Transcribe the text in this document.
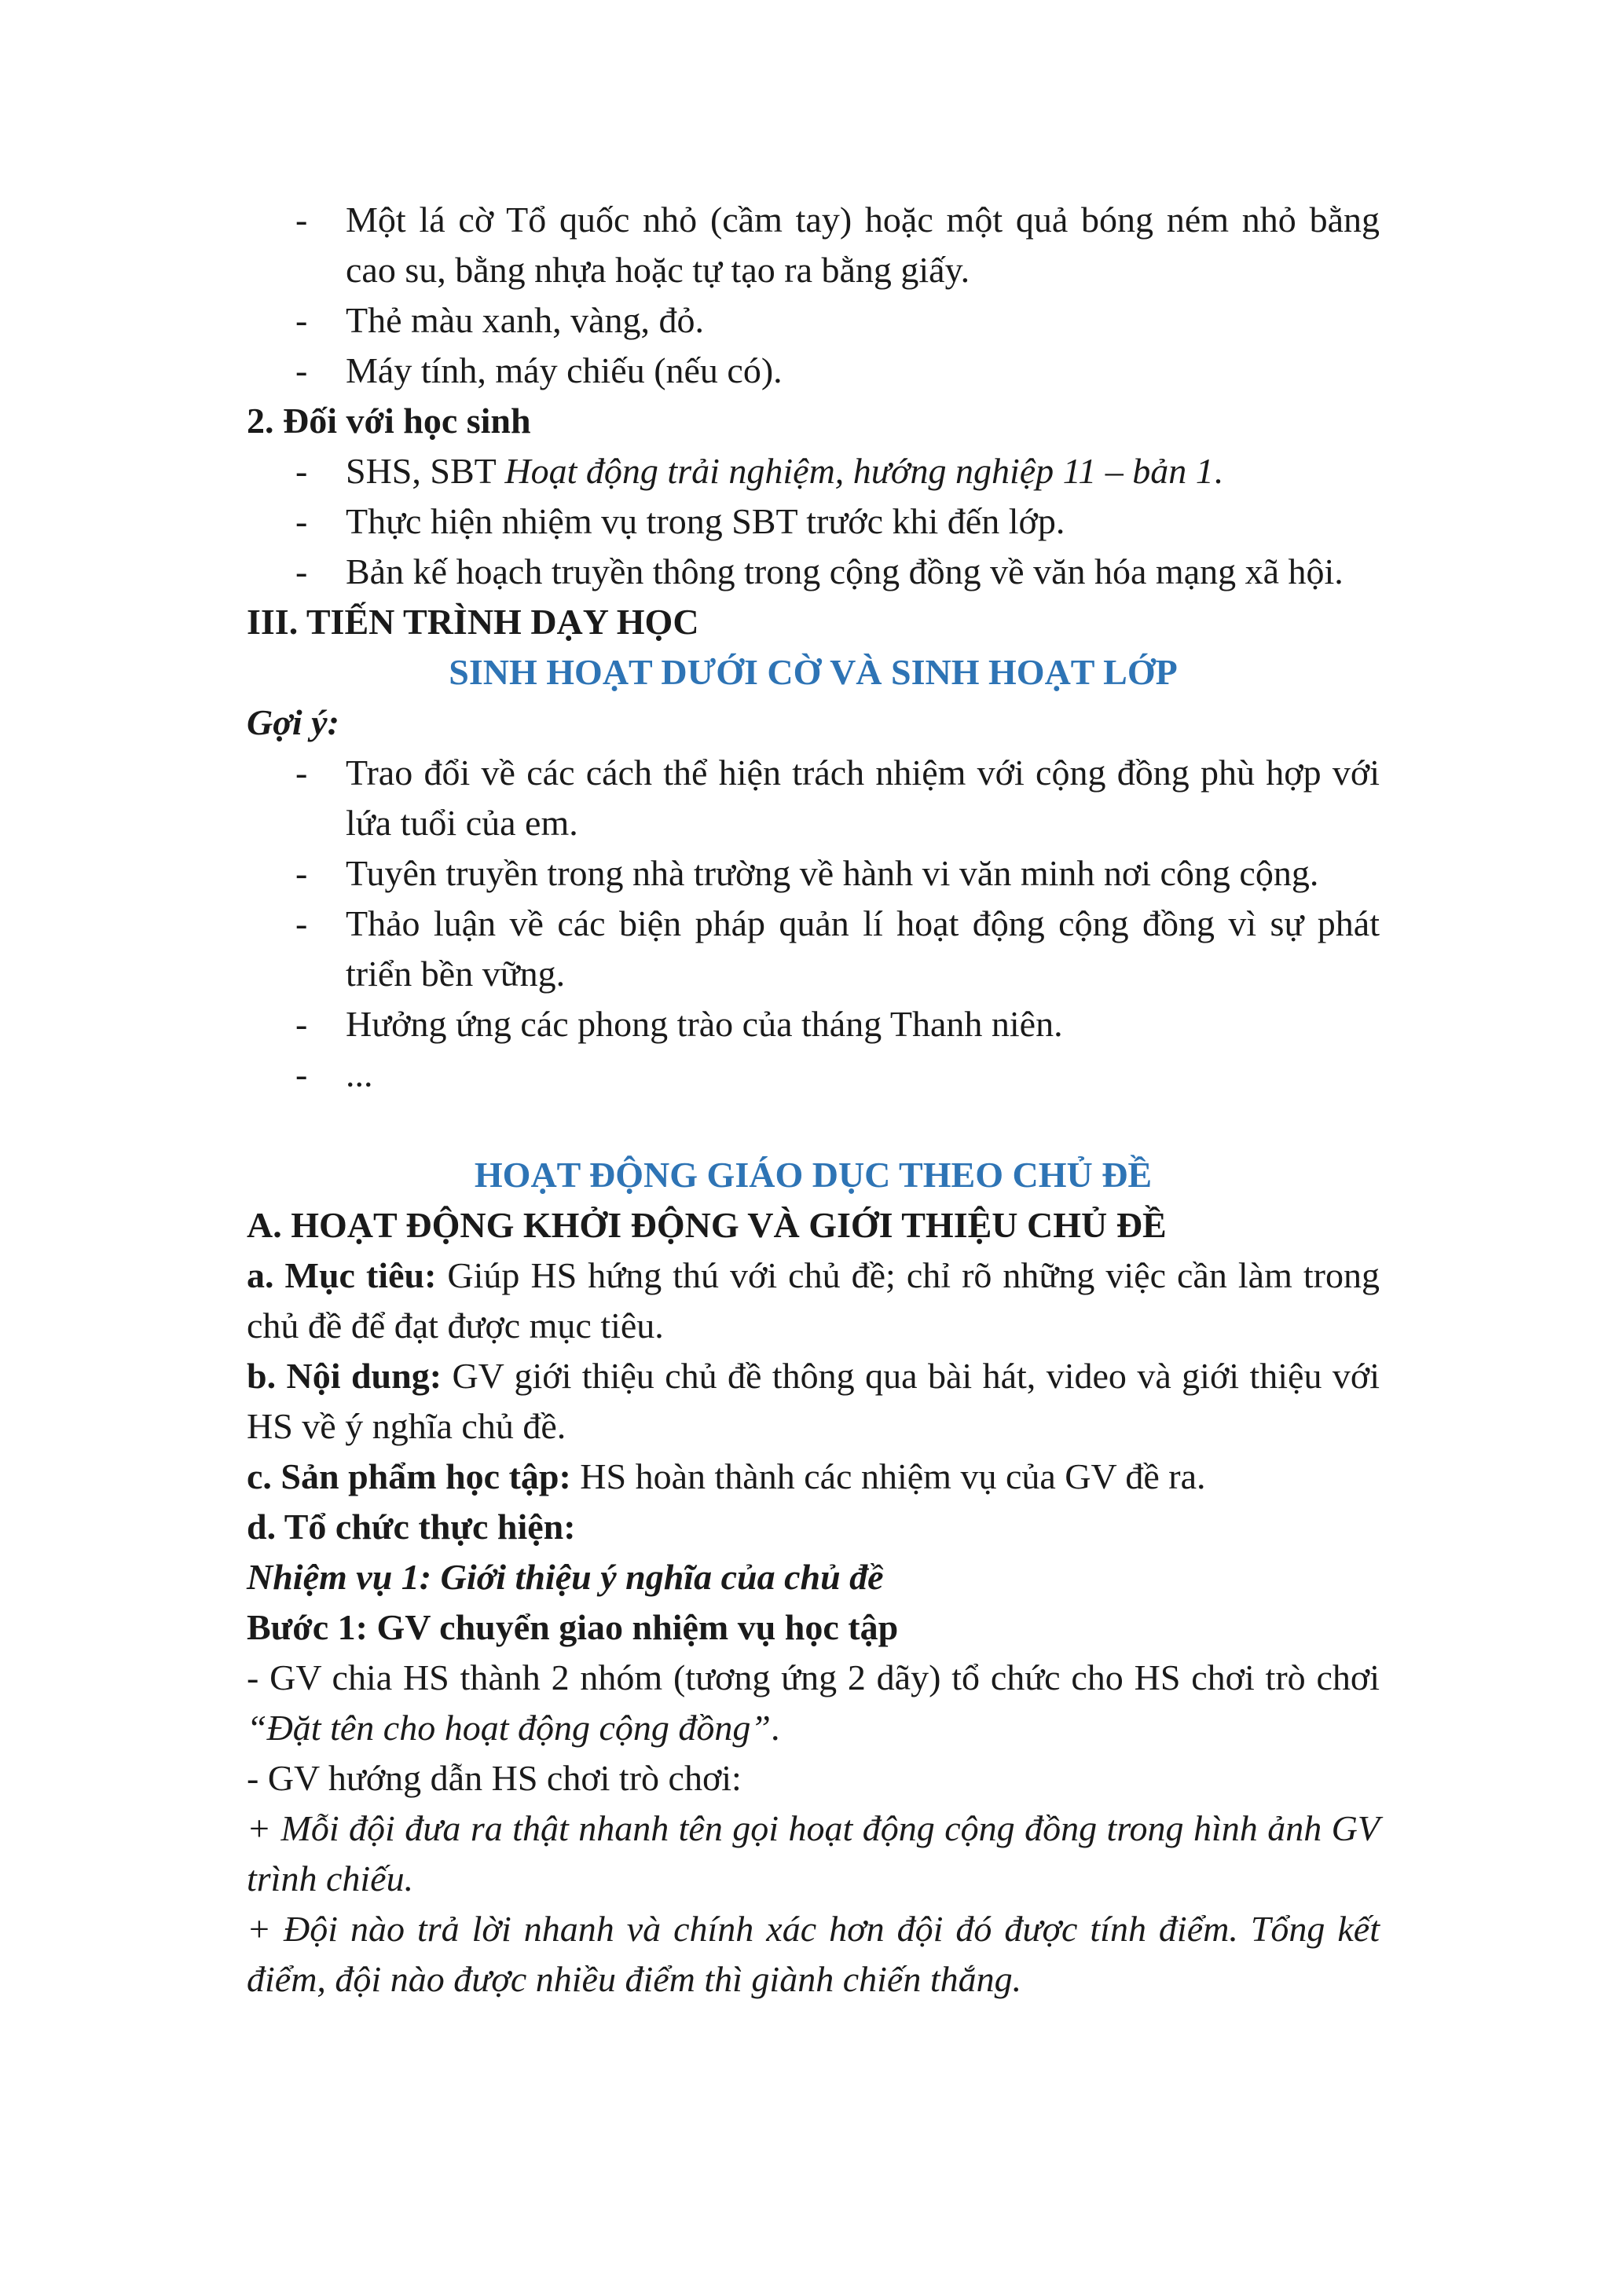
- Một lá cờ Tổ quốc nhỏ (cầm tay) hoặc một quả bóng ném nhỏ bằng cao su, bằng nhựa hoặc tự tạo ra bằng giấy.
- Thẻ màu xanh, vàng, đỏ.
- Máy tính, máy chiếu (nếu có).
2. Đối với học sinh
- SHS, SBT Hoạt động trải nghiệm, hướng nghiệp 11 – bản 1.
- Thực hiện nhiệm vụ trong SBT trước khi đến lớp.
- Bản kế hoạch truyền thông trong cộng đồng về văn hóa mạng xã hội.
III. TIẾN TRÌNH DẠY HỌC
SINH HOẠT DƯỚI CỜ VÀ SINH HOẠT LỚP
Gợi ý:
- Trao đổi về các cách thể hiện trách nhiệm với cộng đồng phù hợp với lứa tuổi của em.
- Tuyên truyền trong nhà trường về hành vi văn minh nơi công cộng.
- Thảo luận về các biện pháp quản lí hoạt động cộng đồng vì sự phát triển bền vững.
- Hưởng ứng các phong trào của tháng Thanh niên.
- ...
HOẠT ĐỘNG GIÁO DỤC THEO CHỦ ĐỀ
A. HOẠT ĐỘNG KHỞI ĐỘNG VÀ GIỚI THIỆU CHỦ ĐỀ
a. Mục tiêu: Giúp HS hứng thú với chủ đề; chỉ rõ những việc cần làm trong chủ đề để đạt được mục tiêu.
b. Nội dung: GV giới thiệu chủ đề thông qua bài hát, video và giới thiệu với HS về ý nghĩa chủ đề.
c. Sản phẩm học tập: HS hoàn thành các nhiệm vụ của GV đề ra.
d. Tổ chức thực hiện:
Nhiệm vụ 1: Giới thiệu ý nghĩa của chủ đề
Bước 1: GV chuyển giao nhiệm vụ học tập
- GV chia HS thành 2 nhóm (tương ứng 2 dãy) tổ chức cho HS chơi trò chơi “Đặt tên cho hoạt động cộng đồng”.
- GV hướng dẫn HS chơi trò chơi:
+ Mỗi đội đưa ra thật nhanh tên gọi hoạt động cộng đồng trong hình ảnh GV trình chiếu.
+ Đội nào trả lời nhanh và chính xác hơn đội đó được tính điểm. Tổng kết điểm, đội nào được nhiều điểm thì giành chiến thắng.
